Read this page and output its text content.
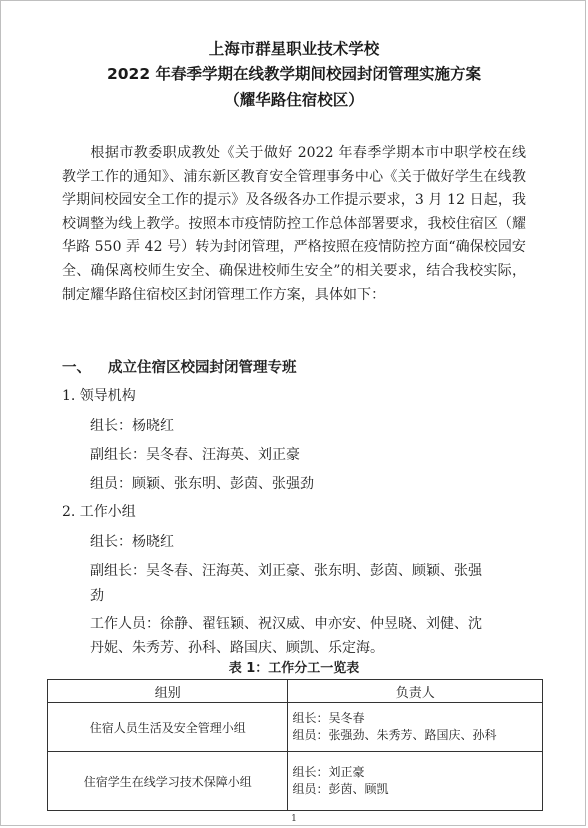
上海市群星职业技术学校
2022 年春季学期在线教学期间校园封闭管理实施方案
（耀华路住宿校区）

根据市教委职成教处《关于做好 2022 年春季学期本市中职学校在线教学工作的通知》、浦东新区教育安全管理事务中心《关于做好学生在线教学期间校园安全工作的提示》及各级各办工作提示要求，3 月 12 日起，我校调整为线上教学。按照本市疫情防控工作总体部署要求，我校住宿区（耀华路 550 弄 42 号）转为封闭管理，严格按照在疫情防控方面“确保校园安全、确保离校师生安全、确保进校师生安全”的相关要求，结合我校实际，制定耀华路住宿校区封闭管理工作方案，具体如下：

一、 成立住宿区校园封闭管理专班
1. 领导机构
组长：杨晓红
副组长：吴冬春、汪海英、刘正豪
组员：顾颖、张东明、彭茵、张强劲
2. 工作小组
组长：杨晓红
副组长：吴冬春、汪海英、刘正豪、张东明、彭茵、顾颖、张强
劲
工作人员：徐静、翟钰颖、祝汉威、申亦安、仲昱晓、刘健、沈
丹妮、朱秀芳、孙科、路国庆、顾凯、乐定海。
表 1：工作分工一览表
组别	负责人
住宿人员生活及安全管理小组	组长：吴冬春
组员：张强劲、朱秀芳、路国庆、孙科

住宿学生在线学习技术保障小组	组长：刘正豪
组员：彭茵、顾凯
1
